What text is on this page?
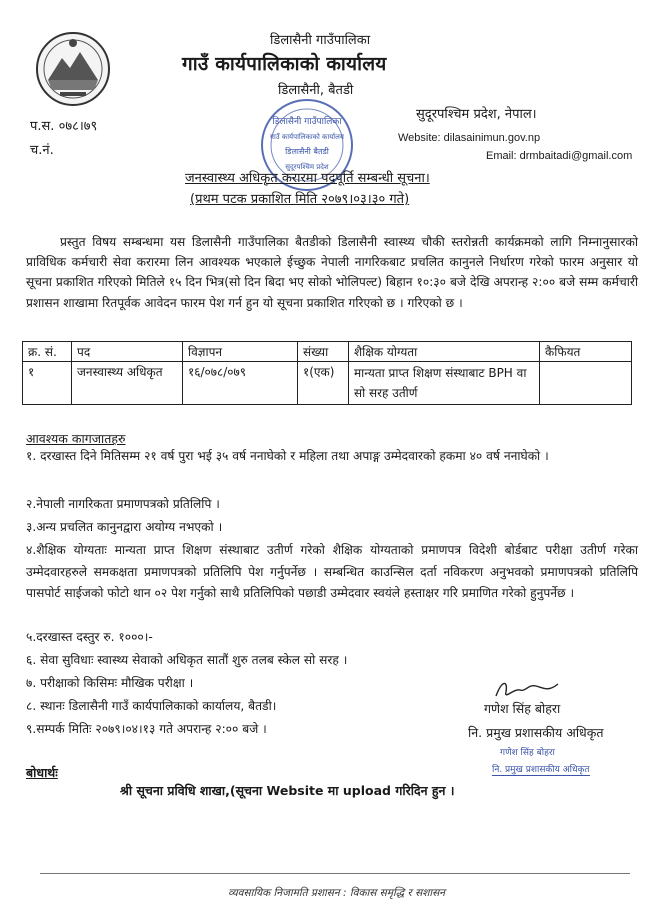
डिलासैनी गाउँपालिका
गाउँ कार्यपालिकाको कार्यालय
डिलासैनी, बैतडी
प.स. ०७८।७९
च.नं.
सुदूरपश्चिम प्रदेश, नेपाल।
Website: dilasainimun.gov.np
Email: drmbaitadi@gmail.com
डिलासैनी गाउँपालिका
गाउँ कार्यपालिकाको कार्यालय
डिलासैनी बैतडी
सुदूरपश्चिम प्रदेश
जनस्वास्थ्य अधिकृत करारमा पदपूर्ति सम्बन्धी सूचना।
(प्रथम पटक प्रकाशित मिति २०७९।०३।३० गते)
प्रस्तुत विषय सम्बन्धमा यस डिलासैनी गाउँपालिका बैतडीको डिलासैनी स्वास्थ्य चौकी स्तरोन्नती कार्यक्रमको लागि निम्नानुसारको प्राविधिक कर्मचारी सेवा करारमा लिन आवश्यक भएकाले ईच्छुक नेपाली नागरिकबाट प्रचलित कानुनले निर्धारण गरेको फारम अनुसार यो सूचना प्रकाशित गरिएको मितिले १५ दिन भित्र(सो दिन बिदा भए सोको भोलिपल्ट) बिहान १०:३० बजे देखि अपरान्ह २:०० बजे सम्म कर्मचारी प्रशासन शाखामा रितपूर्वक आवेदन फारम पेश गर्न हुन यो सूचना प्रकाशित गरिएको छ । गरिएको छ ।
क्र. सं.	पद	विज्ञापन	संख्या	शैक्षिक योग्यता	कैफियत
१	जनस्वास्थ्य अधिकृत	१६/०७८/०७९	१(एक)	मान्यता प्राप्त शिक्षण संस्थाबाट BPH वा सो सरह उतीर्ण	
आवश्यक कागजातहरु
१. दरखास्त दिने मितिसम्म २१ वर्ष पुरा भई ३५ वर्ष ननाघेको र महिला तथा अपाङ्ग उम्मेदवारको हकमा ४० वर्ष ननाघेको ।
२.नेपाली नागरिकता प्रमाणपत्रको प्रतिलिपि ।
३.अन्य प्रचलित कानुनद्वारा अयोग्य नभएको ।
४.शैक्षिक योग्यताः मान्यता प्राप्त शिक्षण संस्थाबाट उतीर्ण गरेको शैक्षिक योग्यताको प्रमाणपत्र विदेशी बोर्डबाट परीक्षा उतीर्ण गरेका उम्मेदवारहरुले समकक्षता प्रमाणपत्रको प्रतिलिपि पेश गर्नुपर्नेछ । सम्बन्धित काउन्सिल दर्ता नविकरण अनुभवको प्रमाणपत्रको प्रतिलिपि पासपोर्ट साईजको फोटो थान ०२ पेश गर्नुको साथै प्रतिलिपिको पछाडी उम्मेदवार स्वयंले हस्ताक्षर गरि प्रमाणित गरेको हुनुपर्नेछ ।
५.दरखास्त दस्तुर रु. १०००।-
६. सेवा सुविधाः स्वास्थ्य सेवाको अधिकृत सातौं शुरु तलब स्केल सो सरह ।
७. परीक्षाको किसिमः मौखिक परीक्षा ।
८. स्थानः डिलासैनी गाउँ कार्यपालिकाको कार्यालय, बैतडी।
९.सम्पर्क मितिः २०७९।०४।१३ गते अपरान्ह २:०० बजे ।
गणेश सिंह बोहरा
नि. प्रमुख प्रशासकीय अधिकृत
गणेश सिंह बोहरा
नि. प्रमुख प्रशासकीय अधिकृत
बोधार्थः
श्री सूचना प्रविधि शाखा,(सूचना Website मा upload गरिदिन हुन ।
व्यवसायिक निजामति प्रशासन : विकास समृद्धि र सशासन
